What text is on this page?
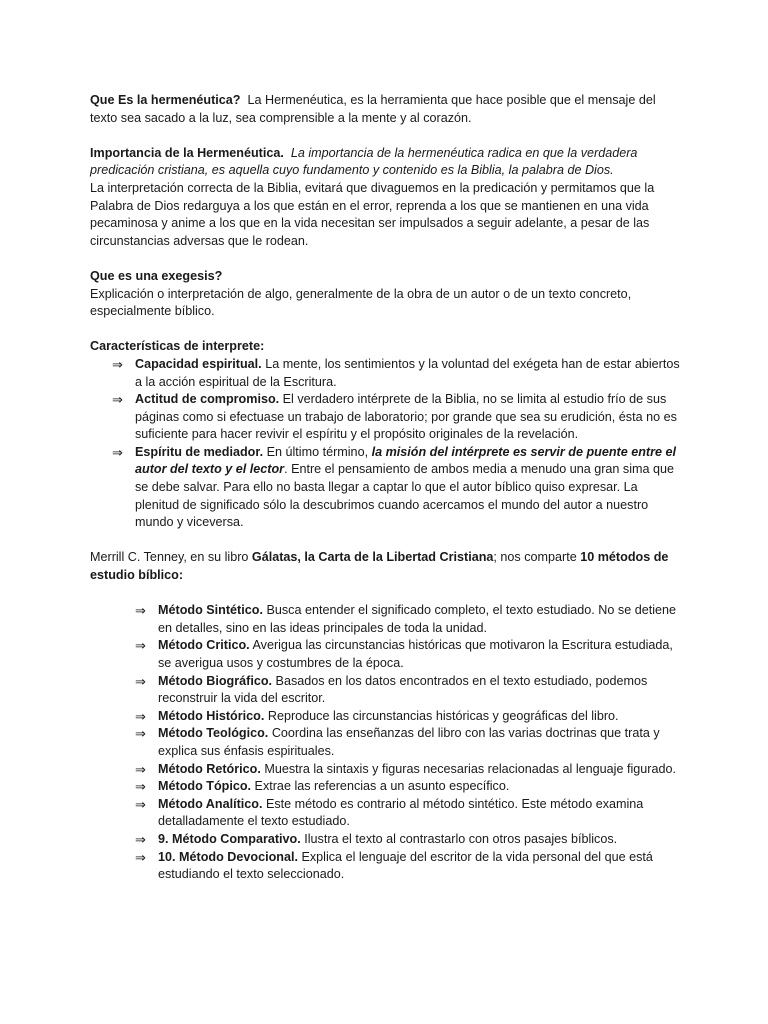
Que Es la hermenéutica? La Hermenéutica, es la herramienta que hace posible que el mensaje del texto sea sacado a la luz, sea comprensible a la mente y al corazón.

Importancia de la Hermenéutica. La importancia de la hermenéutica radica en que la verdadera predicación cristiana, es aquella cuyo fundamento y contenido es la Biblia, la palabra de Dios.

La interpretación correcta de la Biblia, evitará que divaguemos en la predicación y permitamos que la Palabra de Dios redarguya a los que están en el error, reprenda a los que se mantienen en una vida pecaminosa y anime a los que en la vida necesitan ser impulsados a seguir adelante, a pesar de las circunstancias adversas que le rodean.

Que es una exegesis?

Explicación o interpretación de algo, generalmente de la obra de un autor o de un texto concreto, especialmente bíblico.

Características de interprete:

⇒ Capacidad espiritual. La mente, los sentimientos y la voluntad del exégeta han de estar abiertos a la acción espiritual de la Escritura.
⇒ Actitud de compromiso. El verdadero intérprete de la Biblia, no se limita al estudio frío de sus páginas como si efectuase un trabajo de laboratorio; por grande que sea su erudición, ésta no es suficiente para hacer revivir el espíritu y el propósito originales de la revelación.
⇒ Espíritu de mediador. En último término, la misión del intérprete es servir de puente entre el autor del texto y el lector. Entre el pensamiento de ambos media a menudo una gran sima que se debe salvar. Para ello no basta llegar a captar lo que el autor bíblico quiso expresar. La plenitud de significado sólo la descubrimos cuando acercamos el mundo del autor a nuestro mundo y viceversa.

Merrill C. Tenney, en su libro Gálatas, la Carta de la Libertad Cristiana; nos comparte 10 métodos de estudio bíblico:

⇒ Método Sintético. Busca entender el significado completo, el texto estudiado. No se detiene en detalles, sino en las ideas principales de toda la unidad.
⇒ Método Critico. Averigua las circunstancias históricas que motivaron la Escritura estudiada, se averigua usos y costumbres de la época.
⇒ Método Biográfico. Basados en los datos encontrados en el texto estudiado, podemos reconstruir la vida del escritor.
⇒ Método Histórico. Reproduce las circunstancias históricas y geográficas del libro.
⇒ Método Teológico. Coordina las enseñanzas del libro con las varias doctrinas que trata y explica sus énfasis espirituales.
⇒ Método Retórico. Muestra la sintaxis y figuras necesarias relacionadas al lenguaje figurado.
⇒ Método Tópico. Extrae las referencias a un asunto específico.
⇒ Método Analítico. Este método es contrario al método sintético. Este método examina detalladamente el texto estudiado.
⇒ 9. Método Comparativo. Ilustra el texto al contrastarlo con otros pasajes bíblicos.
⇒ 10. Método Devocional. Explica el lenguaje del escritor de la vida personal del que está estudiando el texto seleccionado.
